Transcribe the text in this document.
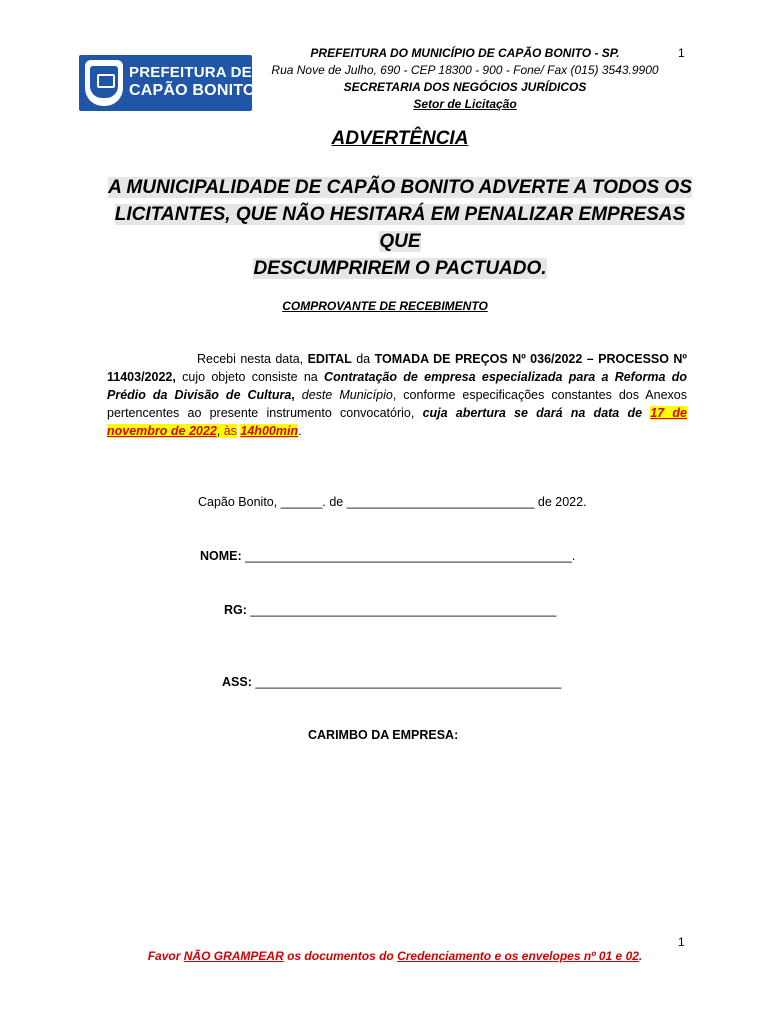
PREFEITURA DE
CAPÃO BONITO
PREFEITURA DO MUNICÍPIO DE CAPÃO BONITO - SP.
Rua Nove de Julho, 690 - CEP 18300 - 900 - Fone/ Fax (015) 3543.9900
SECRETARIA DOS NEGÓCIOS JURÍDICOS
Setor de Licitação
1
ADVERTÊNCIA
A MUNICIPALIDADE DE CAPÃO BONITO ADVERTE A TODOS OS
LICITANTES, QUE NÃO HESITARÁ EM PENALIZAR EMPRESAS QUE
DESCUMPRIREM O PACTUADO.
COMPROVANTE DE RECEBIMENTO
Recebi nesta data, EDITAL da TOMADA DE PREÇOS Nº 036/2022 – PROCESSO Nº 11403/2022, cujo objeto consiste na Contratação de empresa especializada para a Reforma do Prédio da Divisão de Cultura, deste Município, conforme especificações constantes dos Anexos pertencentes ao presente instrumento convocatório, cuja abertura se dará na data de 17 de novembro de 2022, às 14h00min.
Capão Bonito, ______. de ___________________________ de 2022.
NOME: _______________________________________________.
RG: ____________________________________________
ASS: ____________________________________________
CARIMBO DA EMPRESA:
1
Favor NÃO GRAMPEAR os documentos do Credenciamento e os envelopes nº 01 e 02.
